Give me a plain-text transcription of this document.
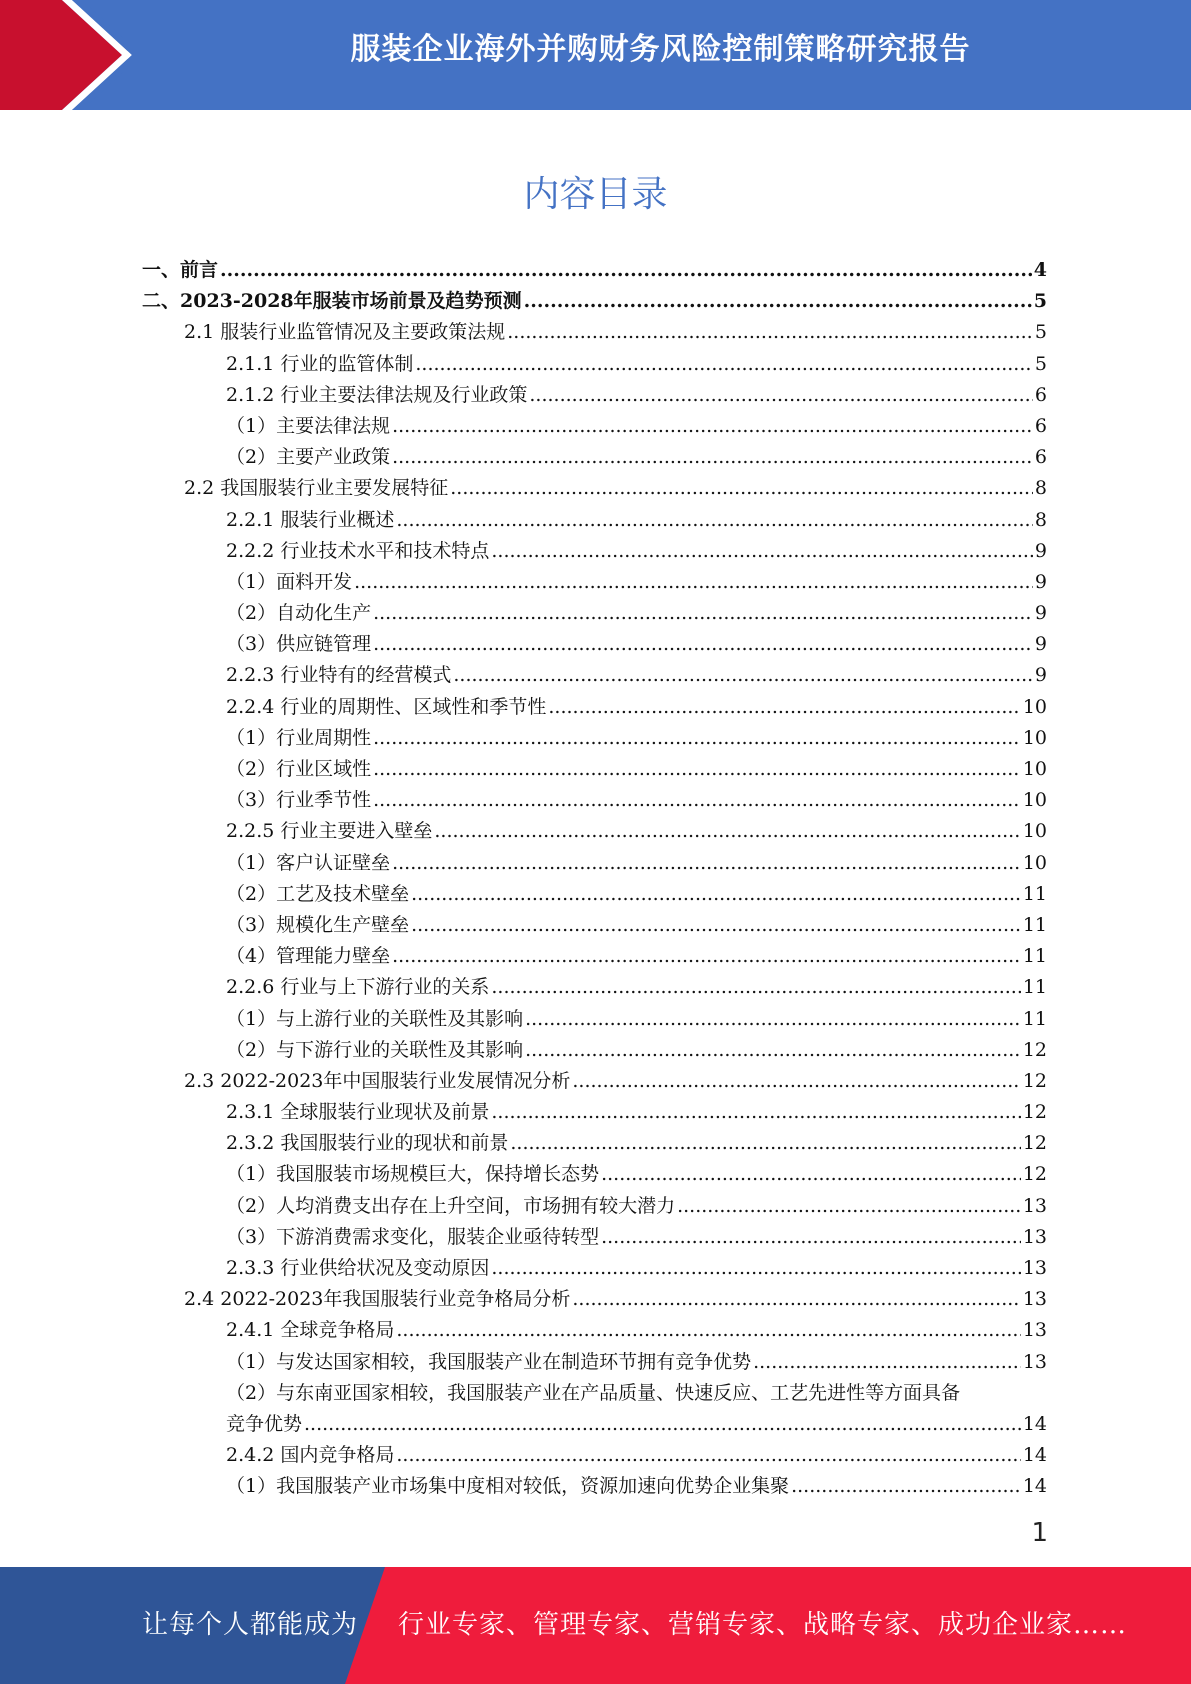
服装企业海外并购财务风险控制策略研究报告
内容目录
一、前言 .....	4
二、2023-2028年服装市场前景及趋势预测 .....	5
2.1 服装行业监管情况及主要政策法规 .....	5
2.1.1 行业的监管体制 .....	5
2.1.2 行业主要法律法规及行业政策 .....	6
（1）主要法律法规 .....	6
（2）主要产业政策 .....	6
2.2 我国服装行业主要发展特征 .....	8
2.2.1 服装行业概述 .....	8
2.2.2 行业技术水平和技术特点 .....	9
（1）面料开发 .....	9
（2）自动化生产 .....	9
（3）供应链管理 .....	9
2.2.3 行业特有的经营模式 .....	9
2.2.4 行业的周期性、区域性和季节性 .....	10
（1）行业周期性 .....	10
（2）行业区域性 .....	10
（3）行业季节性 .....	10
2.2.5 行业主要进入壁垒 .....	10
（1）客户认证壁垒 .....	10
（2）工艺及技术壁垒 .....	11
（3）规模化生产壁垒 .....	11
（4）管理能力壁垒 .....	11
2.2.6 行业与上下游行业的关系 .....	11
（1）与上游行业的关联性及其影响 .....	11
（2）与下游行业的关联性及其影响 .....	12
2.3 2022-2023年中国服装行业发展情况分析 .....	12
2.3.1 全球服装行业现状及前景 .....	12
2.3.2 我国服装行业的现状和前景 .....	12
（1）我国服装市场规模巨大，保持增长态势 .....	12
（2）人均消费支出存在上升空间，市场拥有较大潜力 .....	13
（3）下游消费需求变化，服装企业亟待转型 .....	13
2.3.3 行业供给状况及变动原因 .....	13
2.4 2022-2023年我国服装行业竞争格局分析 .....	13
2.4.1 全球竞争格局 .....	13
（1）与发达国家相较，我国服装产业在制造环节拥有竞争优势 .....	13
（2）与东南亚国家相较，我国服装产业在产品质量、快速反应、工艺先进性等方面具备
竞争优势 .....	14
2.4.2 国内竞争格局 .....	14
（1）我国服装产业市场集中度相对较低，资源加速向优势企业集聚 .....	14
1
让每个人都能成为 行业专家、管理专家、营销专家、战略专家、成功企业家……
